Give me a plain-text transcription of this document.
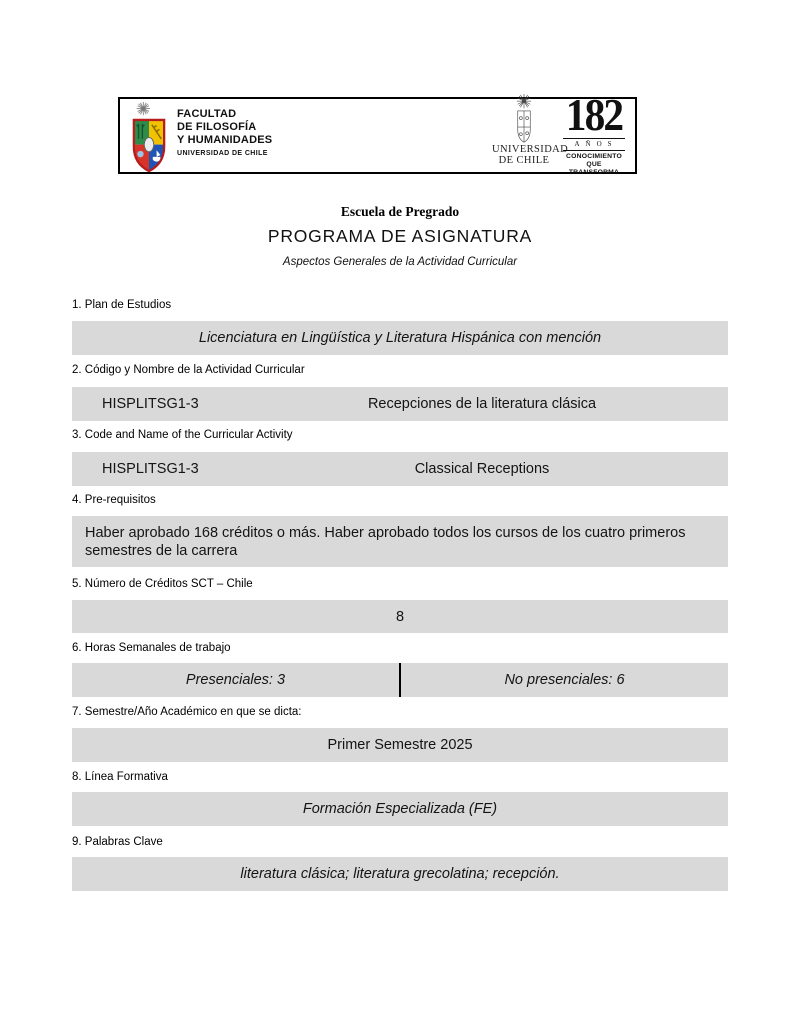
FACULTAD
DE FILOSOFÍA
Y HUMANIDADES
UNIVERSIDAD DE CHILE	UNIVERSIDAD
DE CHILE
182
AÑOS
CONOCIMIENTO
QUE TRANSFORMA
Escuela de Pregrado
PROGRAMA DE ASIGNATURA
Aspectos Generales de la Actividad Curricular
1. Plan de Estudios
Licenciatura en Lingüística y Literatura Hispánica con mención
2. Código y Nombre de la Actividad Curricular
HISPLITSG1-3	Recepciones de la literatura clásica
3. Code and Name of the Curricular Activity
HISPLITSG1-3	Classical Receptions
4. Pre-requisitos
Haber aprobado 168 créditos o más. Haber aprobado todos los cursos de los cuatro primeros semestres de la carrera
5. Número de Créditos SCT – Chile
8
6. Horas Semanales de trabajo
Presenciales: 3	No presenciales: 6
7. Semestre/Año Académico en que se dicta:
Primer Semestre 2025
8. Línea Formativa
Formación Especializada (FE)
9. Palabras Clave
literatura clásica; literatura grecolatina; recepción.
